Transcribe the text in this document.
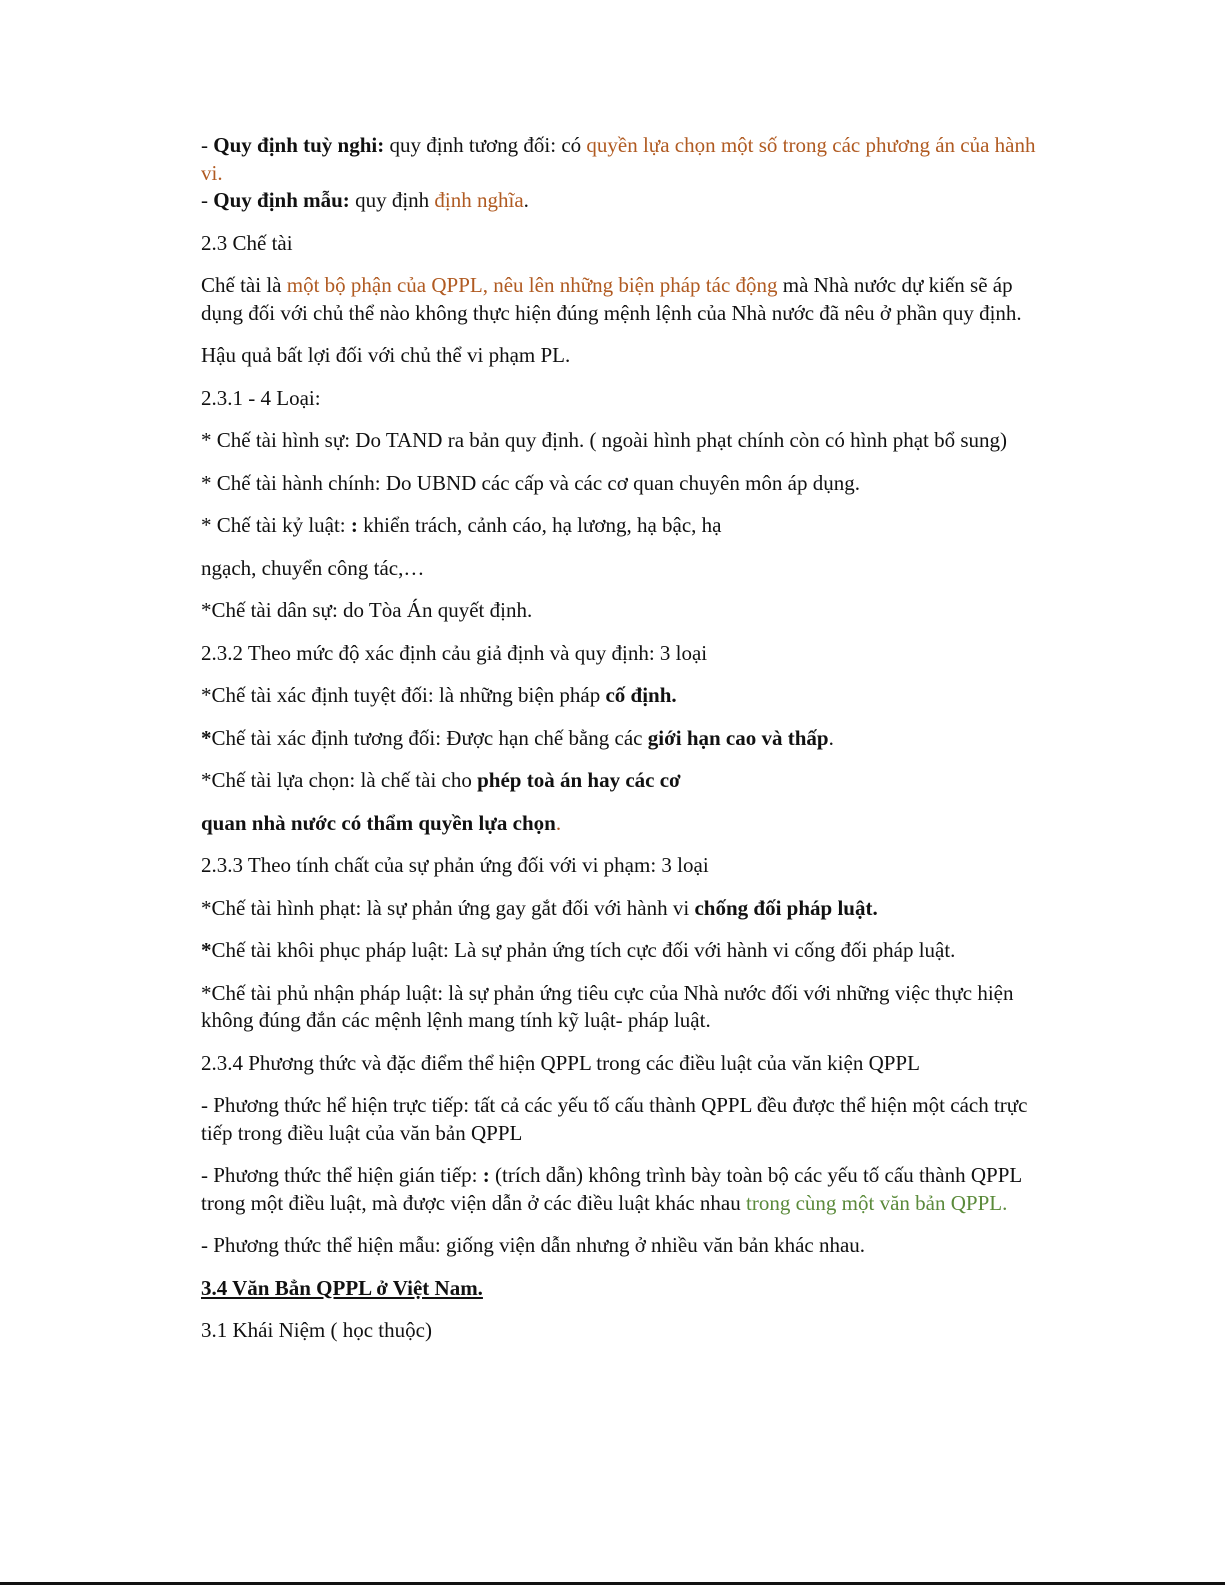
- Quy định tuỳ nghi: quy định tương đối: có quyền lựa chọn một số trong các phương án của hành vi.

- Quy định mẫu: quy định định nghĩa.

2.3 Chế tài

Chế tài là một bộ phận của QPPL, nêu lên những biện pháp tác động mà Nhà nước dự kiến sẽ áp dụng đối với chủ thể nào không thực hiện đúng mệnh lệnh của Nhà nước đã nêu ở phần quy định.

Hậu quả bất lợi đối với chủ thể vi phạm PL.

2.3.1 - 4 Loại:

* Chế tài hình sự: Do TAND ra bản quy định. ( ngoài hình phạt chính còn có hình phạt bổ sung)

* Chế tài hành chính: Do UBND các cấp và các cơ quan chuyên môn áp dụng.

* Chế tài kỷ luật: : khiển trách, cảnh cáo, hạ lương, hạ bậc, hạ

ngạch, chuyển công tác,…

*Chế tài dân sự: do Tòa Án quyết định.

2.3.2 Theo mức độ xác định cảu giả định và quy định: 3 loại

*Chế tài xác định tuyệt đối: là những biện pháp cố định.

*Chế tài xác định tương đối: Được hạn chế bằng các giới hạn cao và thấp.

*Chế tài lựa chọn: là chế tài cho phép toà án hay các cơ

quan nhà nước có thẩm quyền lựa chọn.

2.3.3 Theo tính chất của sự phản ứng đối với vi phạm: 3 loại

*Chế tài hình phạt: là sự phản ứng gay gắt đối với hành vi chống đối pháp luật.

*Chế tài khôi phục pháp luật: Là sự phản ứng tích cực đối với hành vi cống đối pháp luật.

*Chế tài phủ nhận pháp luật: là sự phản ứng tiêu cực của Nhà nước đối với những việc thực hiện không đúng đắn các mệnh lệnh mang tính kỹ luật- pháp luật.

2.3.4 Phương thức và đặc điểm thể hiện QPPL trong các điều luật của văn kiện QPPL

- Phương thức hể hiện trực tiếp: tất cả các yếu tố cấu thành QPPL đều được thể hiện một cách trực tiếp trong điều luật của văn bản QPPL

- Phương thức thể hiện gián tiếp: : (trích dẫn) không trình bày toàn bộ các yếu tố cấu thành QPPL trong một điều luật, mà được viện dẫn ở các điều luật khác nhau trong cùng một văn bản QPPL.

- Phương thức thể hiện mẫu: giống viện dẫn nhưng ở nhiều văn bản khác nhau.

3.4 Văn Bẳn QPPL ở Việt Nam.

3.1 Khái Niệm ( học thuộc)
